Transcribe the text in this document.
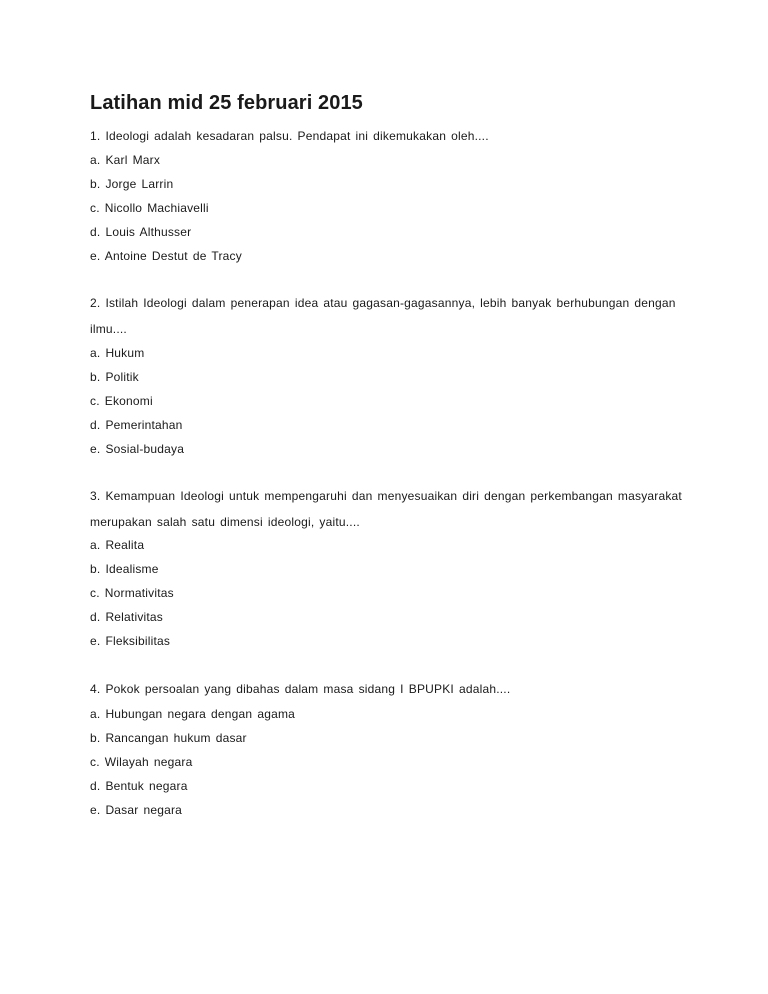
Latihan mid 25 februari 2015
1. Ideologi adalah kesadaran palsu. Pendapat ini dikemukakan oleh....
a. Karl Marx
b. Jorge Larrin
c. Nicollo Machiavelli
d. Louis Althusser
e. Antoine Destut de Tracy
2. Istilah Ideologi dalam penerapan idea atau gagasan-gagasannya, lebih banyak berhubungan dengan
ilmu....
a. Hukum
b. Politik
c. Ekonomi
d. Pemerintahan
e. Sosial-budaya
3. Kemampuan Ideologi untuk mempengaruhi dan menyesuaikan diri dengan perkembangan masyarakat
merupakan salah satu dimensi ideologi, yaitu....
a. Realita
b. Idealisme
c. Normativitas
d. Relativitas
e. Fleksibilitas
4. Pokok persoalan yang dibahas dalam masa sidang I BPUPKI adalah....
a. Hubungan negara dengan agama
b. Rancangan hukum dasar
c. Wilayah negara
d. Bentuk negara
e. Dasar negara
